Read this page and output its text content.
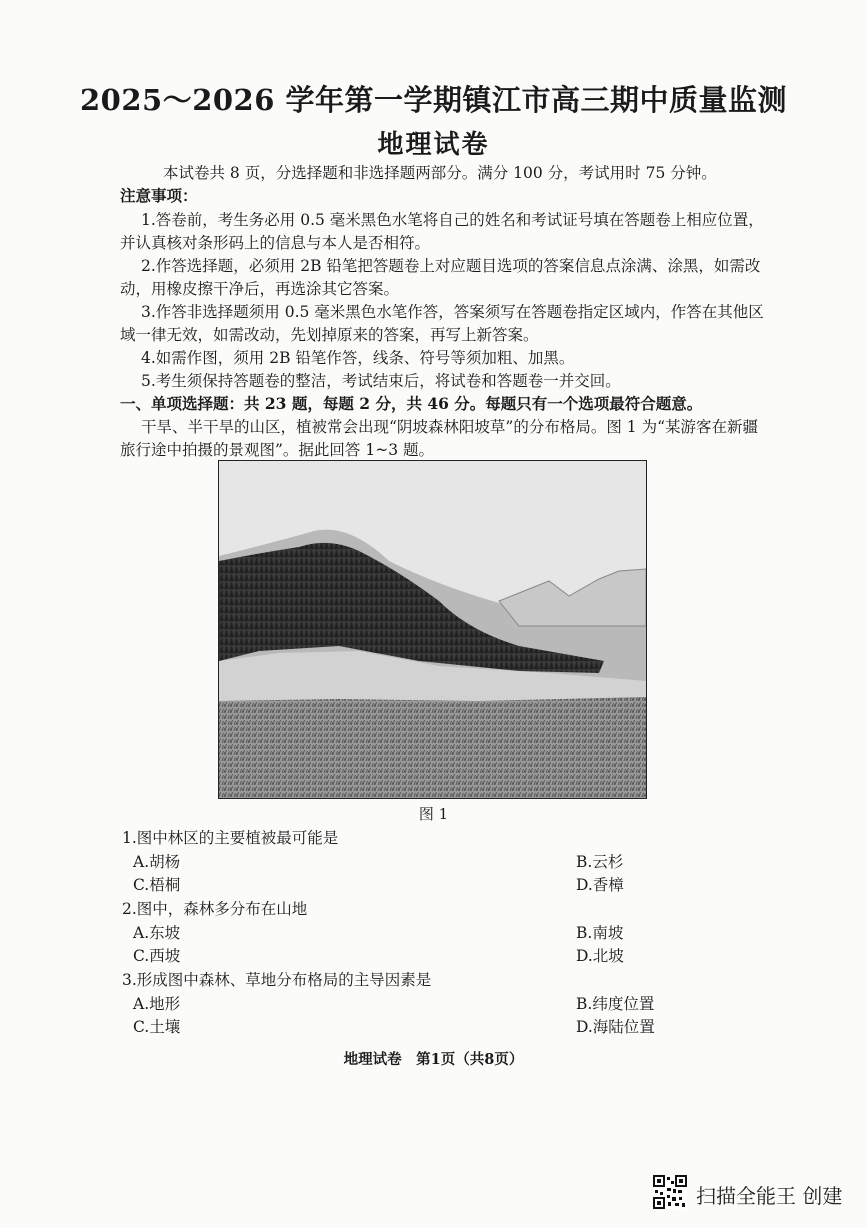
2025～2026 学年第一学期镇江市高三期中质量监测
地理试卷
本试卷共 8 页，分选择题和非选择题两部分。满分 100 分，考试用时 75 分钟。
注意事项：
1.答卷前，考生务必用 0.5 毫米黑色水笔将自己的姓名和考试证号填在答题卷上相应位置，
并认真核对条形码上的信息与本人是否相符。
2.作答选择题，必须用 2B 铅笔把答题卷上对应题目选项的答案信息点涂满、涂黑，如需改
动，用橡皮擦干净后，再选涂其它答案。
3.作答非选择题须用 0.5 毫米黑色水笔作答，答案须写在答题卷指定区域内，作答在其他区
域一律无效，如需改动，先划掉原来的答案，再写上新答案。
4.如需作图，须用 2B 铅笔作答，线条、符号等须加粗、加黑。
5.考生须保持答题卷的整洁，考试结束后，将试卷和答题卷一并交回。
一、单项选择题：共 23 题，每题 2 分，共 46 分。每题只有一个选项最符合题意。
干旱、半干旱的山区，植被常会出现“阴坡森林阳坡草”的分布格局。图 1 为“某游客在新疆
旅行途中拍摄的景观图”。据此回答 1~3 题。
图 1
1.图中林区的主要植被最可能是
A.胡杨	B.云杉
C.梧桐	D.香樟
2.图中，森林多分布在山地
A.东坡	B.南坡
C.西坡	D.北坡
3.形成图中森林、草地分布格局的主导因素是
A.地形	B.纬度位置
C.土壤	D.海陆位置
地理试卷　第1页（共8页）
扫描全能王 创建
